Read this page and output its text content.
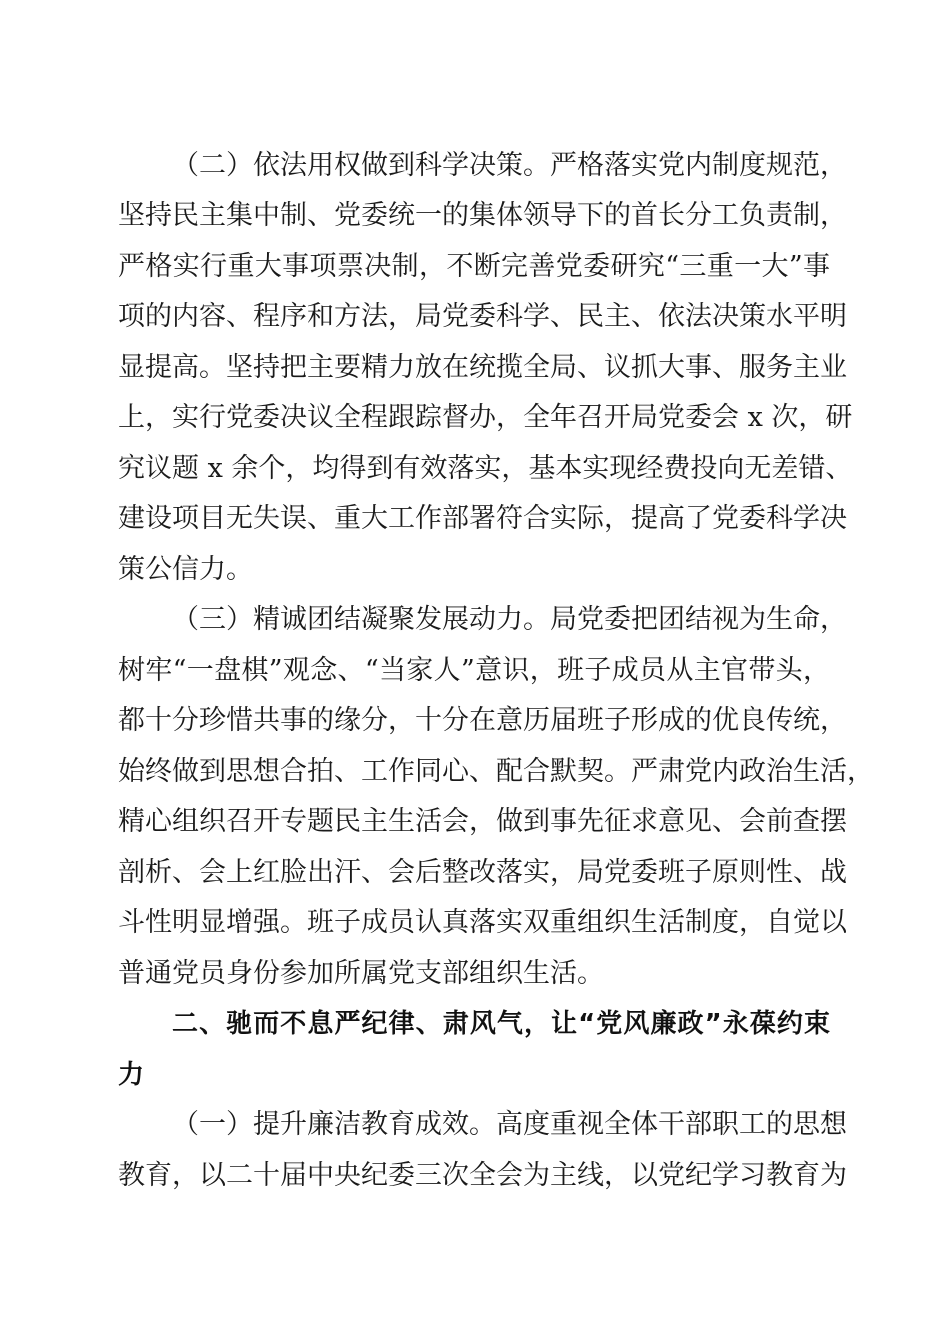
（二）依法用权做到科学决策。严格落实党内制度规范，
坚持民主集中制、党委统一的集体领导下的首长分工负责制，
严格实行重大事项票决制，不断完善党委研究“三重一大”事
项的内容、程序和方法，局党委科学、民主、依法决策水平明
显提高。坚持把主要精力放在统揽全局、议抓大事、服务主业
上，实行党委决议全程跟踪督办，全年召开局党委会 x 次，研
究议题 x 余个，均得到有效落实，基本实现经费投向无差错、
建设项目无失误、重大工作部署符合实际，提高了党委科学决
策公信力。
（三）精诚团结凝聚发展动力。局党委把团结视为生命，
树牢“一盘棋”观念、“当家人”意识，班子成员从主官带头，
都十分珍惜共事的缘分，十分在意历届班子形成的优良传统，
始终做到思想合拍、工作同心、配合默契。严肃党内政治生活，
精心组织召开专题民主生活会，做到事先征求意见、会前查摆
剖析、会上红脸出汗、会后整改落实，局党委班子原则性、战
斗性明显增强。班子成员认真落实双重组织生活制度，自觉以
普通党员身份参加所属党支部组织生活。
二、驰而不息严纪律、肃风气，让“党风廉政”永葆约束
力
（一）提升廉洁教育成效。高度重视全体干部职工的思想
教育，以二十届中央纪委三次全会为主线，以党纪学习教育为
